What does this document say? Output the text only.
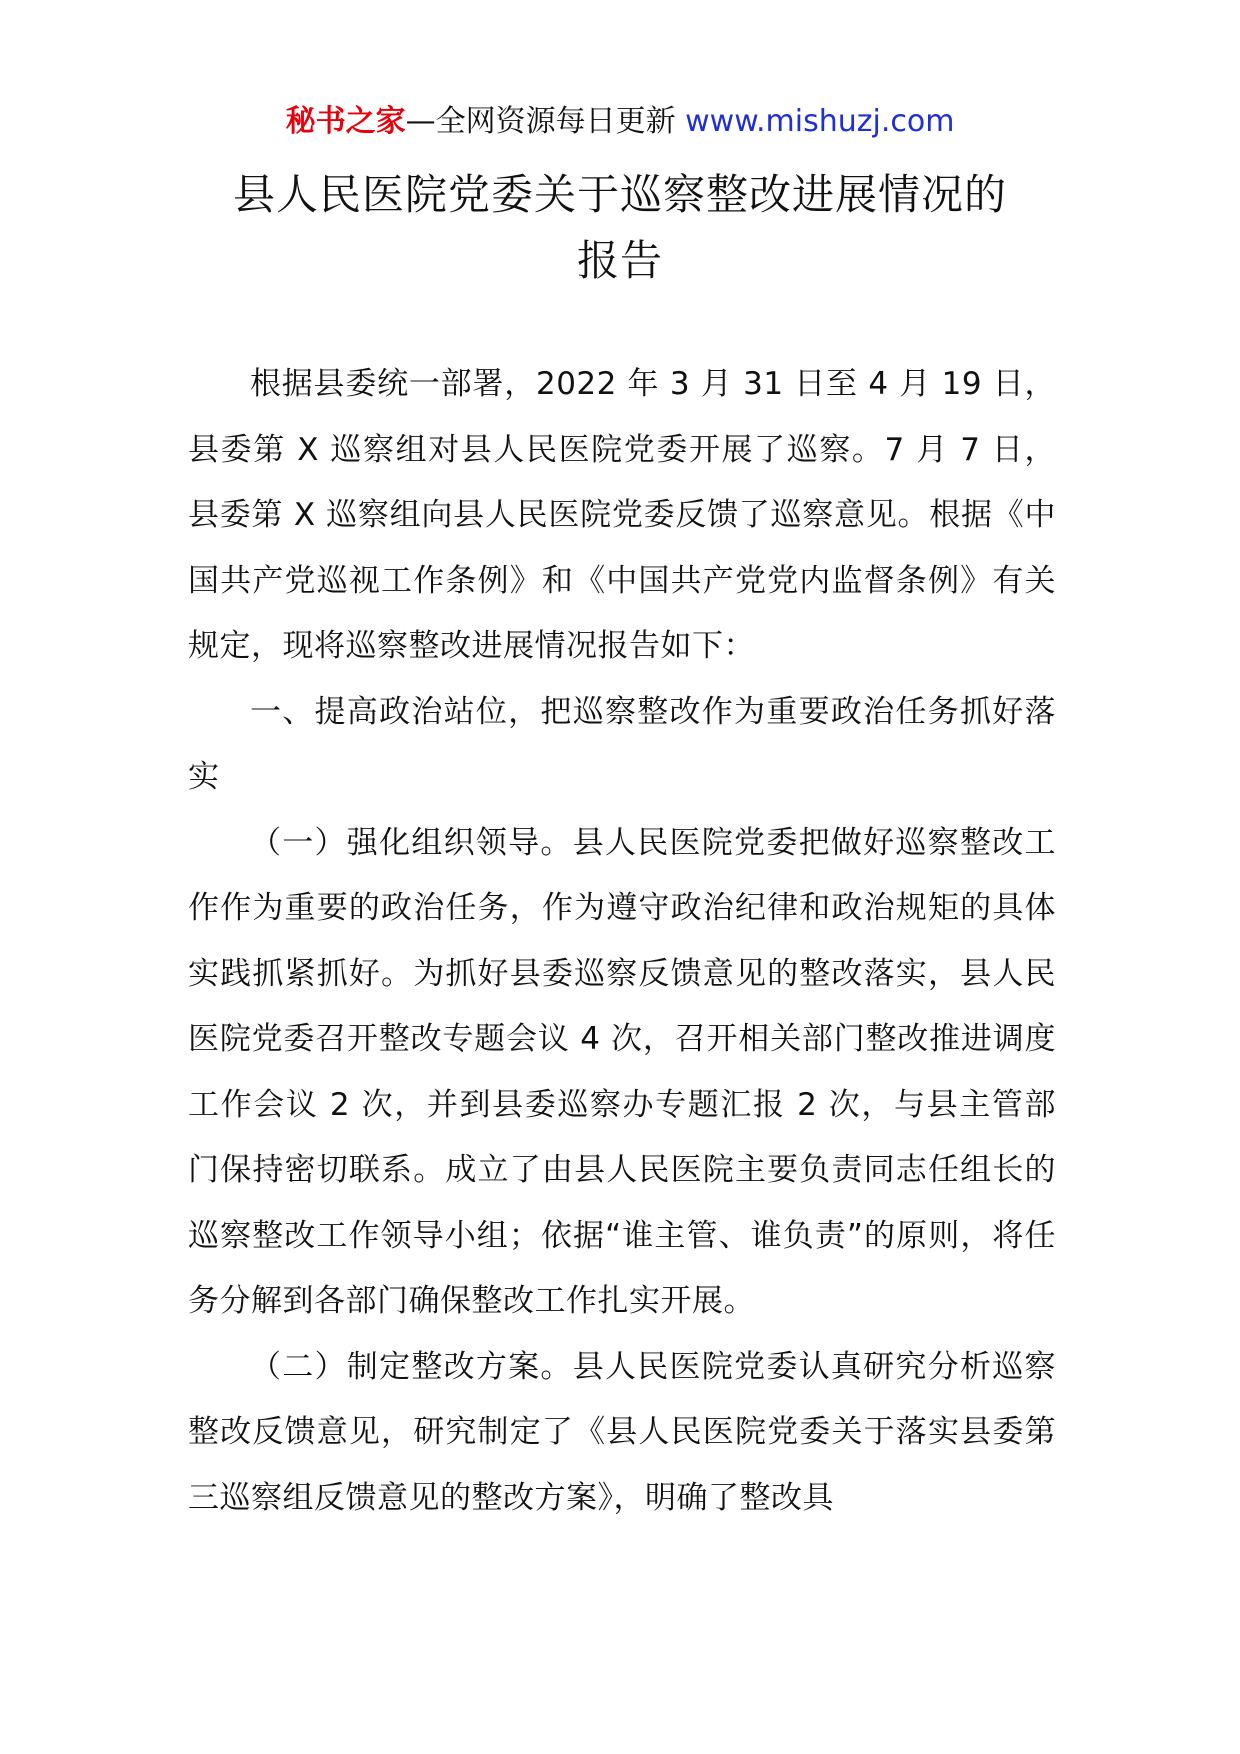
秘书之家—全网资源每日更新 www.mishuzj.com
县人民医院党委关于巡察整改进展情况的
报告

根据县委统一部署，2022 年 3 月 31 日至 4 月 19 日，县委第 X 巡察组对县人民医院党委开展了巡察。7 月 7 日，县委第 X 巡察组向县人民医院党委反馈了巡察意见。根据《中国共产党巡视工作条例》和《中国共产党党内监督条例》有关规定，现将巡察整改进展情况报告如下：

一、提高政治站位，把巡察整改作为重要政治任务抓好落实

（一）强化组织领导。县人民医院党委把做好巡察整改工作作为重要的政治任务，作为遵守政治纪律和政治规矩的具体实践抓紧抓好。为抓好县委巡察反馈意见的整改落实，县人民医院党委召开整改专题会议 4 次，召开相关部门整改推进调度工作会议 2 次，并到县委巡察办专题汇报 2 次，与县主管部门保持密切联系。成立了由县人民医院主要负责同志任组长的巡察整改工作领导小组；依据“谁主管、谁负责”的原则，将任务分解到各部门确保整改工作扎实开展。

（二）制定整改方案。县人民医院党委认真研究分析巡察整改反馈意见，研究制定了《县人民医院党委关于落实县委第三巡察组反馈意见的整改方案》，明确了整改具
